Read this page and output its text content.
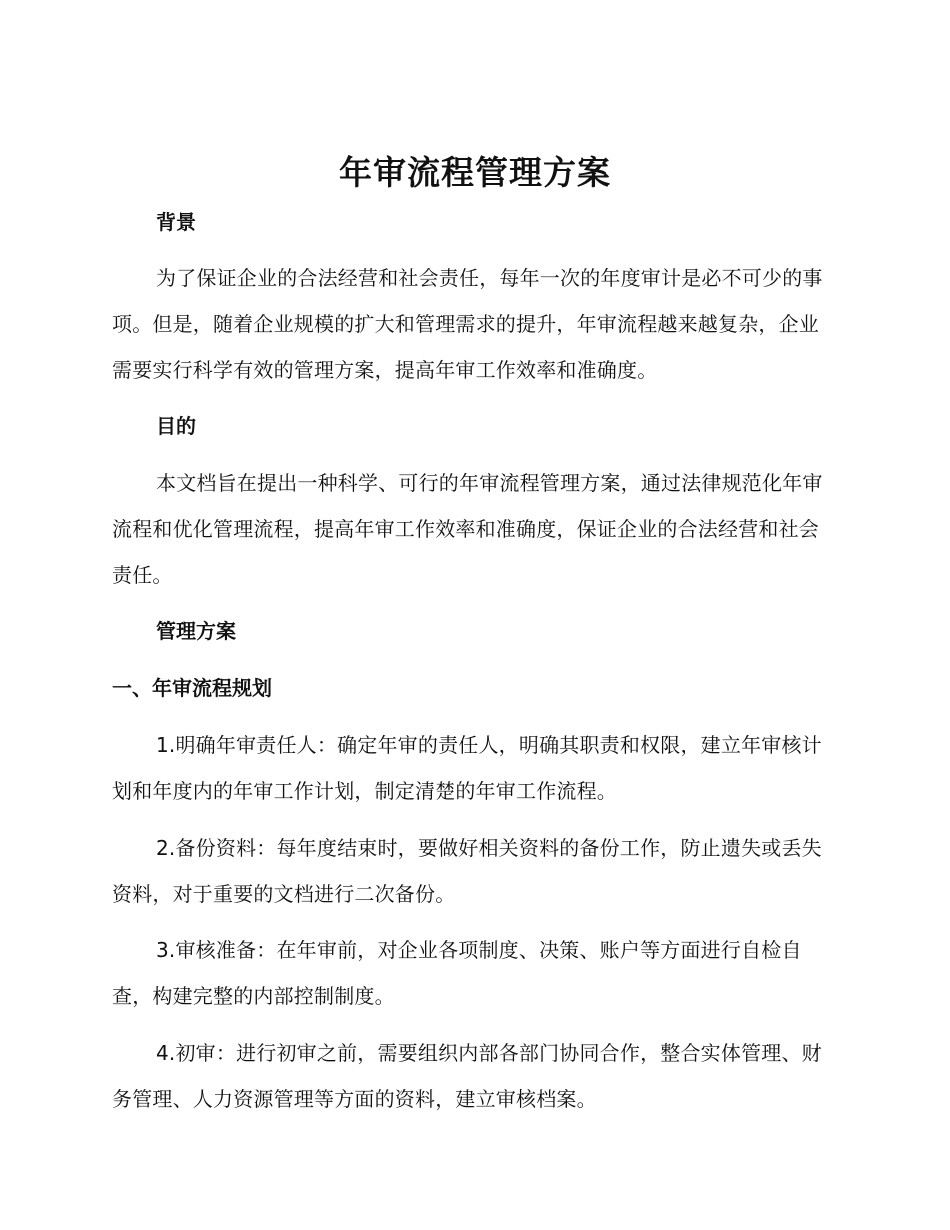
年审流程管理方案
背景
为了保证企业的合法经营和社会责任，每年一次的年度审计是必不可少的事项。但是，随着企业规模的扩大和管理需求的提升，年审流程越来越复杂，企业需要实行科学有效的管理方案，提高年审工作效率和准确度。
目的
本文档旨在提出一种科学、可行的年审流程管理方案，通过法律规范化年审流程和优化管理流程，提高年审工作效率和准确度，保证企业的合法经营和社会责任。
管理方案
一、年审流程规划
1.明确年审责任人：确定年审的责任人，明确其职责和权限，建立年审核计划和年度内的年审工作计划，制定清楚的年审工作流程。
2.备份资料：每年度结束时，要做好相关资料的备份工作，防止遗失或丢失资料，对于重要的文档进行二次备份。
3.审核准备：在年审前，对企业各项制度、决策、账户等方面进行自检自查，构建完整的内部控制制度。
4.初审：进行初审之前，需要组织内部各部门协同合作，整合实体管理、财务管理、人力资源管理等方面的资料，建立审核档案。
